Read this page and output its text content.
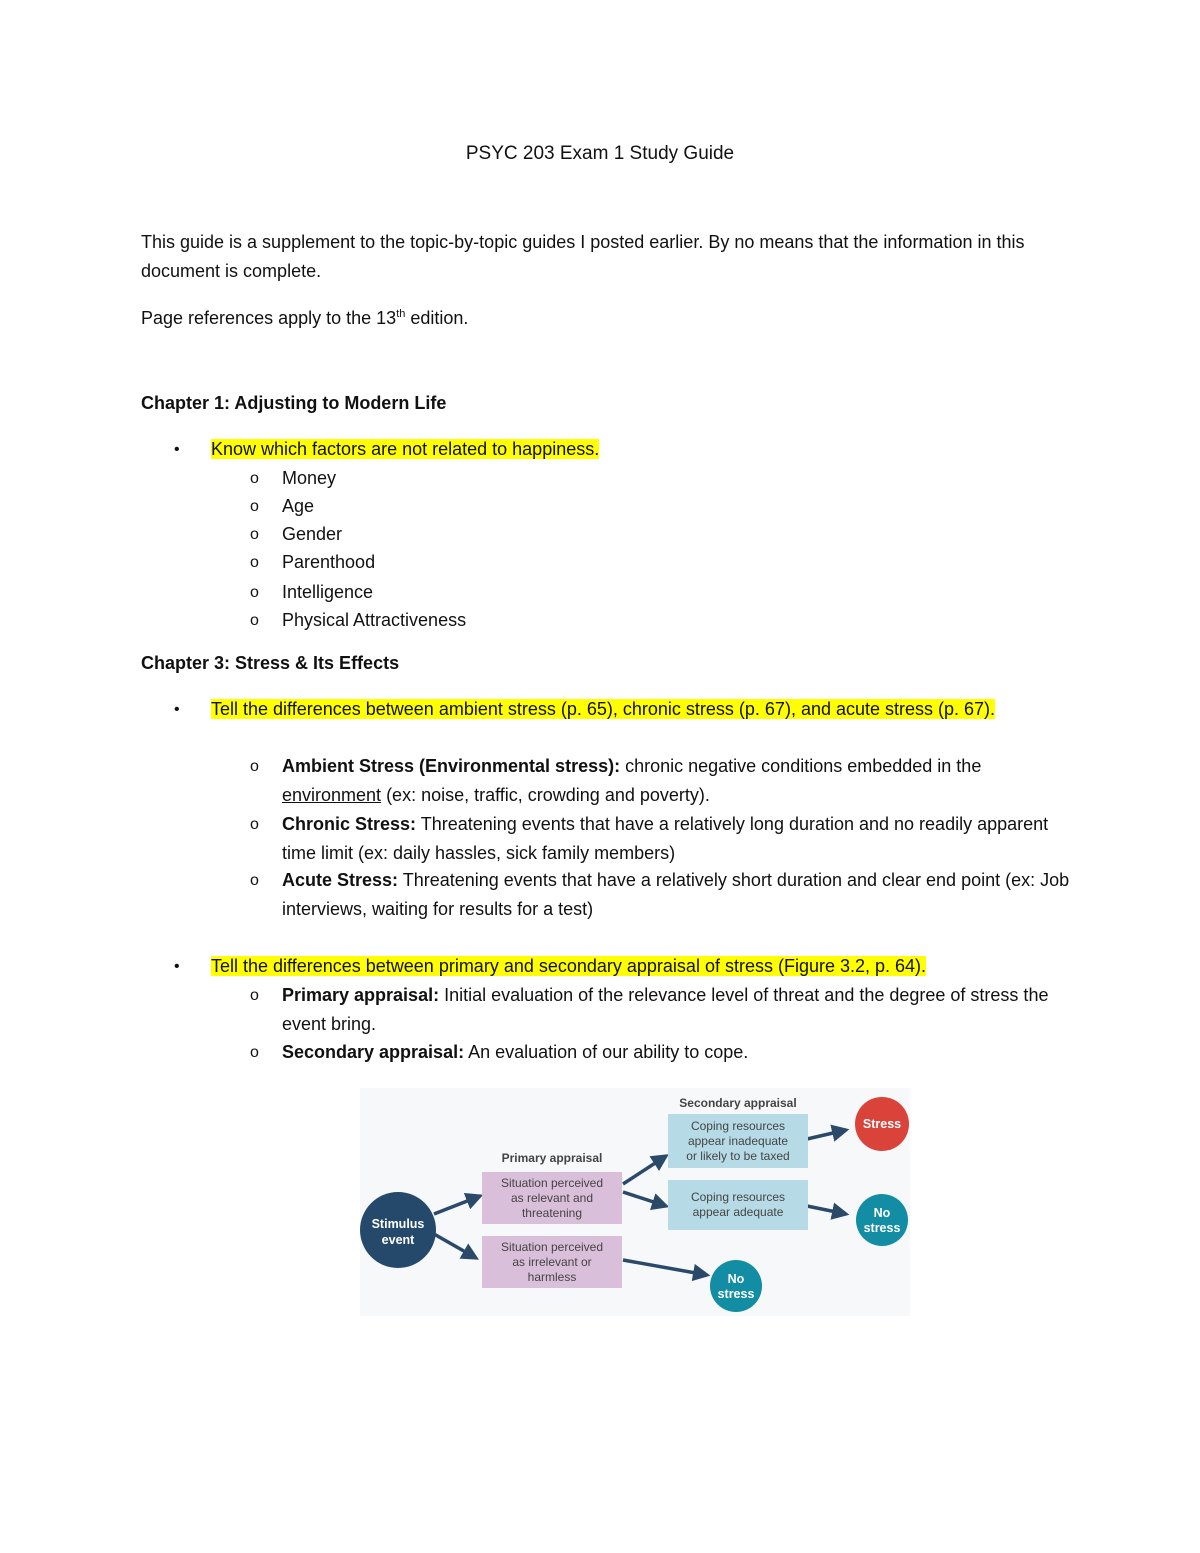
PSYC 203 Exam 1 Study Guide

This guide is a supplement to the topic-by-topic guides I posted earlier. By no means that the information in this document is complete.

Page references apply to the 13th edition.

Chapter 1: Adjusting to Modern Life
• Know which factors are not related to happiness.
o Money
o Age
o Gender
o Parenthood
o Intelligence
o Physical Attractiveness
Chapter 3: Stress & Its Effects
• Tell the differences between ambient stress (p. 65), chronic stress (p. 67), and acute stress (p. 67).
o Ambient Stress (Environmental stress): chronic negative conditions embedded in the environment (ex: noise, traffic, crowding and poverty).
o Chronic Stress: Threatening events that have a relatively long duration and no readily apparent time limit (ex: daily hassles, sick family members)
o Acute Stress: Threatening events that have a relatively short duration and clear end point (ex: Job interviews, waiting for results for a test)
• Tell the differences between primary and secondary appraisal of stress (Figure 3.2, p. 64).
o Primary appraisal: Initial evaluation of the relevance level of threat and the degree of stress the event bring.
o Secondary appraisal: An evaluation of our ability to cope.
Stimulus
event
Primary appraisal
Situation perceived
as relevant and
threatening
Situation perceived
as irrelevant or
harmless
Secondary appraisal
Coping resources
appear inadequate
or likely to be taxed
Coping resources
appear adequate
Stress
No
stress
No
stress
